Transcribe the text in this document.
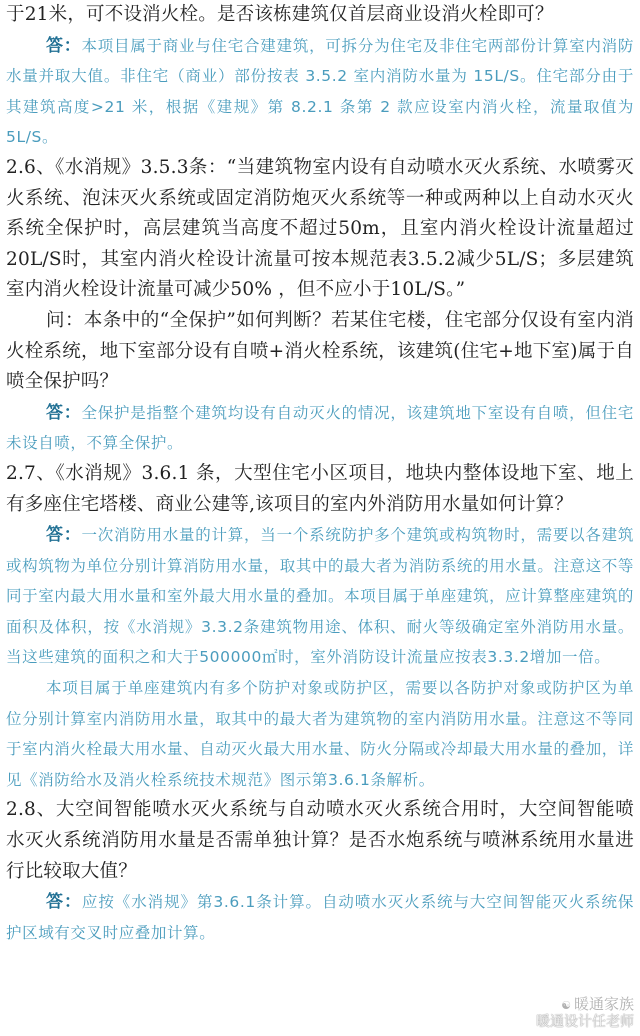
于21米，可不设消火栓。是否该栋建筑仅首层商业设消火栓即可？

答：本项目属于商业与住宅合建建筑，可拆分为住宅及非住宅两部份计算室内消防水量并取大值。非住宅（商业）部份按表 3.5.2 室内消防水量为 15L/S。住宅部分由于其建筑高度>21 米，根据《建规》第 8.2.1 条第 2 款应设室内消火栓，流量取值为 5L/S。

2.6、《水消规》3.5.3条：“当建筑物室内设有自动喷水灭火系统、水喷雾灭火系统、泡沫灭火系统或固定消防炮灭火系统等一种或两种以上自动水灭火系统全保护时，高层建筑当高度不超过50m，且室内消火栓设计流量超过20L/S时，其室内消火栓设计流量可按本规范表3.5.2减少5L/S；多层建筑室内消火栓设计流量可减少50% ，但不应小于10L/S。”

问：本条中的“全保护”如何判断？若某住宅楼，住宅部分仅设有室内消火栓系统，地下室部分设有自喷+消火栓系统，该建筑(住宅+地下室)属于自喷全保护吗？

答：全保护是指整个建筑均设有自动灭火的情况，该建筑地下室设有自喷，但住宅未设自喷，不算全保护。

2.7、《水消规》3.6.1 条，大型住宅小区项目，地块内整体设地下室、地上有多座住宅塔楼、商业公建等,该项目的室内外消防用水量如何计算？

答：一次消防用水量的计算，当一个系统防护多个建筑或构筑物时，需要以各建筑或构筑物为单位分别计算消防用水量，取其中的最大者为消防系统的用水量。注意这不等同于室内最大用水量和室外最大用水量的叠加。本项目属于单座建筑，应计算整座建筑的面积及体积，按《水消规》3.3.2条建筑物用途、体积、耐火等级确定室外消防用水量。当这些建筑的面积之和大于500000㎡时，室外消防设计流量应按表3.3.2增加一倍。

本项目属于单座建筑内有多个防护对象或防护区，需要以各防护对象或防护区为单位分别计算室内消防用水量，取其中的最大者为建筑物的室内消防用水量。注意这不等同于室内消火栓最大用水量、自动灭火最大用水量、防火分隔或冷却最大用水量的叠加，详见《消防给水及消火栓系统技术规范》图示第3.6.1条解析。

2.8、大空间智能喷水灭火系统与自动喷水灭火系统合用时，大空间智能喷水灭火系统消防用水量是否需单独计算？是否水炮系统与喷淋系统用水量进行比较取大值？

答：应按《水消规》第3.6.1条计算。自动喷水灭火系统与大空间智能灭火系统保护区域有交叉时应叠加计算。

☯ 暖通家族
暖通设计任老师
